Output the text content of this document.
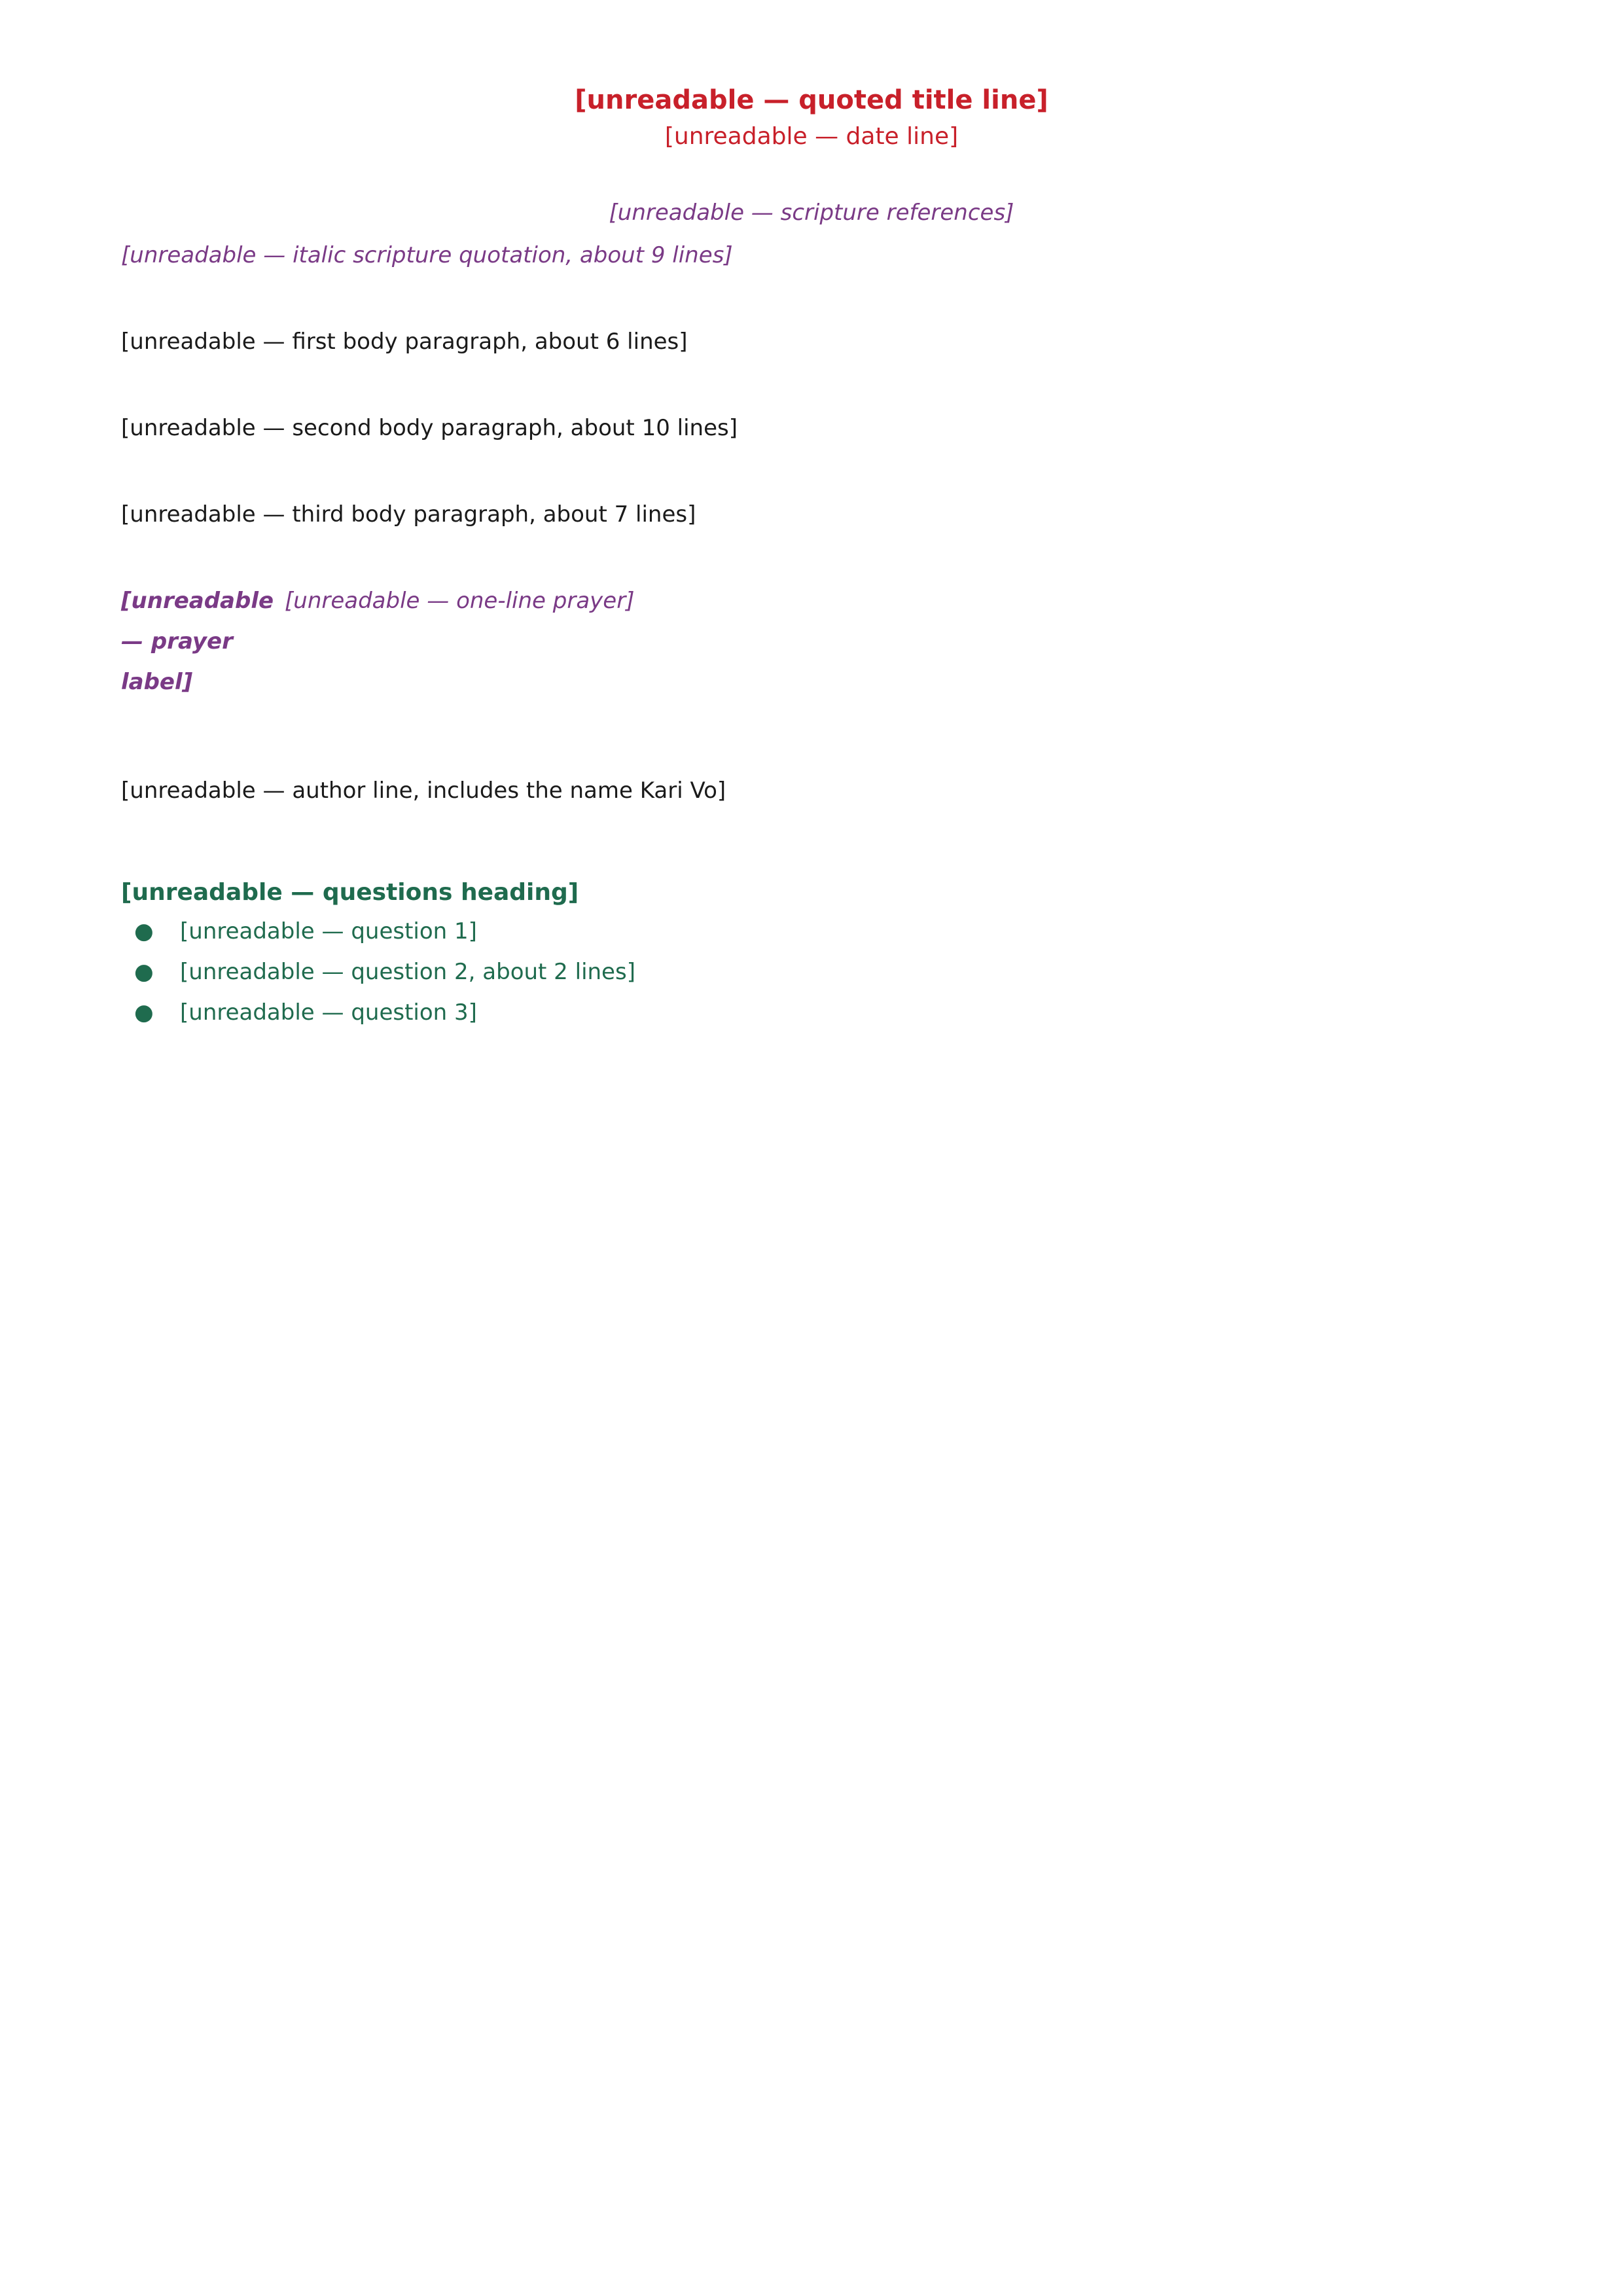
[unreadable — quoted title line]

[unreadable — date line]

[unreadable — scripture references]

[unreadable — italic scripture quotation, about 9 lines]

[unreadable — first body paragraph, about 6 lines]

[unreadable — second body paragraph, about 10 lines]

[unreadable — third body paragraph, about 7 lines]

[unreadable — prayer label]
[unreadable — one-line prayer]

[unreadable — author line, includes the name Kari Vo]

[unreadable — questions heading]

●	[unreadable — question 1]
●	[unreadable — question 2, about 2 lines]
●	[unreadable — question 3]
